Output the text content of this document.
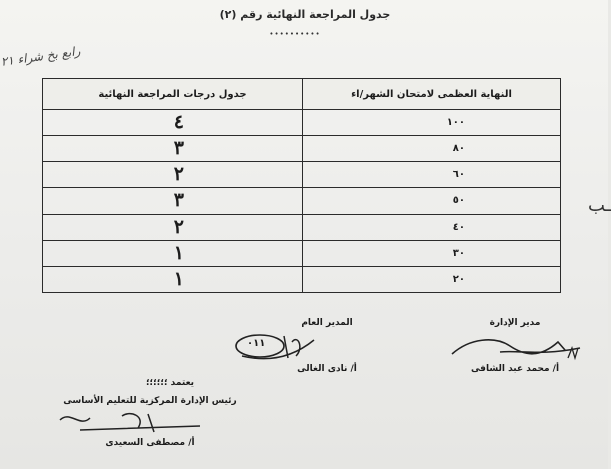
جدول المراجعة النهائية رقم (٢)
••••••••••
رابع بخ شراء ٢١
ـب
النهاية العظمى لامتحان الشهر/اء	جدول درجات المراجعة النهائية
١٠٠	٤
٨٠	٣
٦٠	٢
٥٠	٣
٤٠	٢
٣٠	١
٢٠	١
مدير الإدارة
أ/ محمد عبد الشافى
المدير العام
٠١١
أ/ نادى الغالى
يعتمد ؛؛؛؛؛؛
رئيس الإدارة المركزية للتعليم الأساسى
أ/ مصطفى السعيدى
